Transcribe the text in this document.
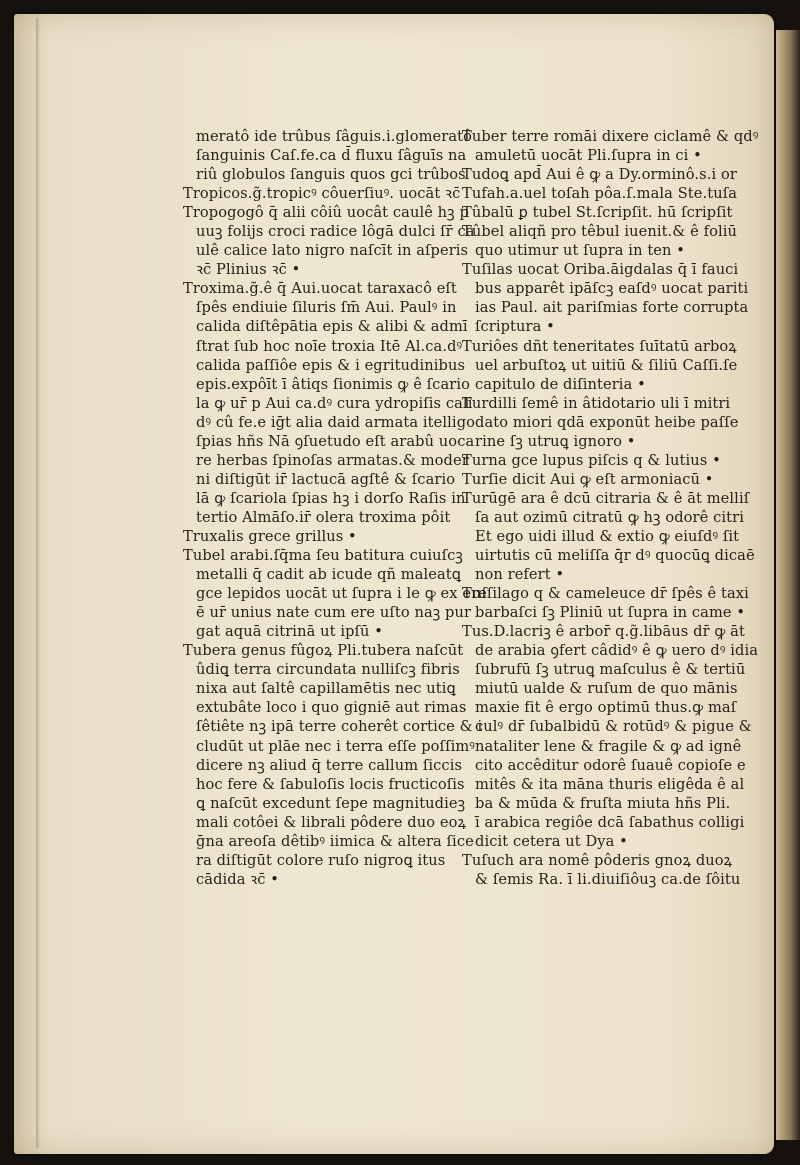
meratô ide trûbus ſâguis.i.glomeratô
ſanguinis Caſ.fe.ca d̄ fluxu ſâguīs na
riû globulos ſanguis quos gci trûbos
Tropicos.g̃.tropicꝰ côuerſiuꝰ. uocāt ꝛc̄
Tropogogô q̄ alii côiû uocât caulê hꝫ p
uuꝫ folijs croci radice lôgā dulci ſr̄ ca
ulê calice lato nigro naſcīt in aſperis
ꝛc̄ Plinius ꝛc̄ •
Troxima.g̃.ê q̄ Aui.uocat taraxacô eſt
ſpês endiuie ſiluris ſm̄ Aui. Paulꝰ in
calida diſtêpātia epis & alibi & admī
ſtrat ſub hoc noīe troxia Itē Al.ca.dꝰ
calida paſſiôe epis & i egritudinibus
epis.expôīt ī âtiqs ſionimis ꝙ ê ſcario
la ꝙ ur̄ p Aui ca.dꝰ cura ydropiſis cali
dꝰ cû fe.e iḡt alia daid armata itelligo
ſpias hñs Nā ꝯſuetudo eſt arabû uoca
re herbas ſpinoſas armatas.& moder
ni diſtigūt ir̄ lactucā agſtê & ſcario
lā ꝙ ſcariola ſpias hꝫ i dorſo Raſis in
tertio Almāſo.ir̄ olera troxima pôit
Truxalis grece grillus •
Tubel arabi.ſq̄ma ſeu batitura cuiuſcꝫ
metalli q̄ cadit ab icude qñ maleatꝗ
gce lepidos uocāt ut ſupra i le ꝙ ex ere
ē ur̄ unius nate cum ere uſto naꝫ pur
gat aquā citrinā ut ipſū •
Tubera genus fûgoꝝ Pli.tubera naſcūt
ûdiꝗ terra circundata nulliſcꝫ fibris
nixa aut ſaltê capillamētis nec utiꝗ
extubâte loco i quo gigniē aut rimas
ſêtiête nꝫ ipā terre coherêt cortice & i
cludūt ut plāe nec i terra eſſe poſſimꝰ
dicere nꝫ aliud q̄ terre callum ſiccis
hoc fere & ſabuloſis locis fructicoſis
ꝗ naſcūt excedunt ſepe magnitudieꝫ
mali cotôei & librali pôdere duo eoꝝ
ḡna areoſa dêtibꝰ iimica & altera ſice
ra diſtigūt colore ruſo nigroꝗ itus
cādida ꝛc̄ •
Tuber terre romāi dixere ciclamê & qdꝰ
amuletū uocāt Pli.ſupra in ci •
Tudoꝗ apd̄ Aui ê ꝙ a Dy.orminô.s.i or
Tufah.a.uel toſah pôa.ſ.mala Ste.tuſa
Tûbalū ꝑ tubel St.ſcripſit. hū ſcripſit
Tûbel aliqñ pro têbul iuenit.& ê foliū
quo utimur ut ſupra in ten •
Tuſilas uocat Oriba.āigdalas q̄ ī fauci
bus apparêt ipāſcꝫ eaſdꝰ uocat pariti
ias Paul. ait pariſmias forte corrupta
ſcriptura •
Turiôes dñt teneritates ſuītatū arboꝝ
uel arbuſtoꝝ ut uitiū & ſiliū Caſſi.ſe
capitulo de diſinteria •
Turdilli ſemê in âtidotario uli ī mitri
dato miori qdā exponūt heibe paſſe
rine ſꝫ utruꝗ ignoro •
Turna gce lupus piſcis q & lutius •
Turſie dicit Aui ꝙ eſt armoniacū •
Turūgē ara ê dcū citraria & ê āt melliſ
ſa aut ozimū citratū ꝙ hꝫ odorê citri
Et ego uidi illud & extio ꝙ eiuſdꝰ ſit
uirtutis cū meliſſa q̄r dꝰ quocūꝗ dicaē
non refert •
Tuſſilago q & cameleuce dr̄ ſpês ê taxi
barbaſci ſꝫ Pliniū ut ſupra in came •
Tus.D.lacriꝫ ê arbor̄ q.g̃.libāus dr̄ ꝙ āt
de arabia ꝯfert câdidꝰ ê ꝙ uero dꝰ idia
ſubrufū ſꝫ utruꝗ maſculus ê & tertiū
miutū ualde & ruſum de quo mānis
maxie fit ê ergo optimū thus.ꝙ maſ
culꝰ dr̄ ſubalbidū & rotūdꝰ & pigue &
nataliter lene & fragile & ꝙ ad ignê
cito accêditur odorê ſuauê copioſe e
mitês & ita māna thuris eligêda ê al
ba & mūda & fruſta miuta hñs Pli.
ī arabica regiôe dcā ſabathus colligi
dicit cetera ut Dya •
Tuſuch ara nomê pôderis gnoꝝ duoꝝ
& ſemis Ra. ī li.diuiſiôuꝫ ca.de ſôitu
